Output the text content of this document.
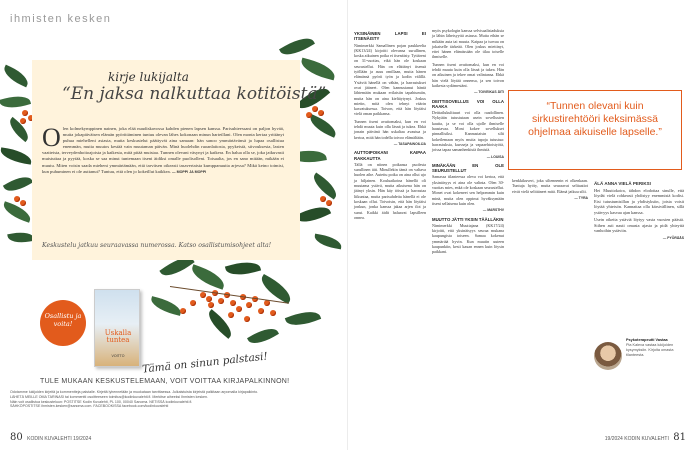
ihmisten kesken
kirje lukijalta
“En jaksa nalkuttaa kotitöistä”
O len kolmekymppinen nainen, joka elää nuudiskavossa kahden pienen lapsen kanssa. Parisuhteessani on paljon hyvää, mutta jokapäiväisen elämän pyörittäminen tuntuu olevan lähes kokonaan minun harteillani. Olen monta kertaa yrittänyt puhua miehelleni asiasta, mutta keskustelut päättyvät aina samaan: hän sanoo ymmärtävänsä ja lupaa osallistua enemmän, mutta muutos kestää vain muutaman päivän. Minä huolehdin ruoanlaitosta, pyykeistä, siivouksesta, lasten vaatteista, terveydenhoitoajoista ja kaikesta, mitä pitää muistaa. Tunnen olevani väsynyt ja katkera. En halua olla se, joka jatkuvasti muistuttaa ja pyytää, koska se saa minut tuntemaan itseni äidiksi omalle puolisolleni. Toisaalta, jos en sano mitään, mikään ei muutu. Miten voisin saada mieheni ymmärtämään, että tarvitsen oikeasti tasavertaista kumppanuutta arjessa? Mikä keino toimisi, kun puhuminen ei ole auttanut? Tuntuu, että olen jo kokeillut kaikkea. — MOPPI JA MOPPI
Keskustelu jatkuu seuraavassa numerossa. Katso osallistumisohjeet alta!
Osallistu ja voita!
Uskalla tuntea
VOITTO	Tämä on sinun palstasi!
TULE MUKAAN KESKUSTELEMAAN, VOIT VOITTAA KIRJAPALKINNON!
Odotamme lukijoiden kirjeitä ja kommentteja palstalle. Kirjeitä lyhennetään ja muokataan tarvittaessa. Julkaistuista kirjeistä palkitaan arpomalla kirjapalkinto.
LÄHETÄ MEILLE OMA TARINASI tai kommentti osoitteeseen toimitus@kodinkuvalehti.fi. Merkitse aiheeksi Ihmisten kesken.
Näin voit osallistua keskusteluun: POSTITSE Kodin Kuvalehti, PL 100, 00040 Sanoma. NETISSÄ kodinkuvalehti.fi.
SÄHKÖPOSTITSE ihmisten.kesken@sanoma.com. FACEBOOKISSA facebook.com/kodinkuvalehti
80 KODIN KUVALEHTI 19/2024	19/2024 KODIN KUVALEHTI 81
YKSINÄINEN LAPSI EI ITSENÄISTY

Nimimerkki Samallinen pojan paukkeelta (KK13/24) kirjoitti olevansa surullinen, koska aikuinen poika ei itsenäisty. Tyttäreni on 31-vuotias, eikä hän ole koskaan seurustellut. Hän on elättänyt itsensä työllään ja asuu omillaan, mutta hänen elämänsä pyörii työn ja kodin välillä. Ystäviä hänellä on vähän, ja harrastukset ovat jääneet. Olen kannustanut häntä lähtemään mukaan erilaisiin tapahtumiin, mutta hän on aina kieltäytynyt. Joskus mietin, mitä olen tehnyt väärin kasvatuksessa. Toivon, että hän löytäisi vielä oman paikkansa.

Tunnen itseni avuttomaksi, kun en voi tehdä muuta kuin olla läsnä ja tukea. Ehkä jonain päivänä hän uskaltaa avautua ja kertoa, mitä hän todella toivoo elämältään.

— TASAPAINOILIJA
AUTTOIPOIKANI KAIPAA RAKKAUTTA

Tällä on niinen poikansa puolesta surullinen äiti. Minullekin tämä on valtava huolen aihe. Autettu poika on aina ollut ujo ja hiljainen. Kouluaikoina hänellä oli muutama ystävä, mutta aikuisena hän on jäänyt yksin. Hän käy töissä ja harrastaa liikuntaa, mutta parisuhdetta hänellä ei ole koskaan ollut. Toivoisin, että hän löytäisi jonkun, jonka kanssa jakaa arjen ilot ja surut. Kaikki äidit haluavat lapsilleen onnea.

myös psykologin kanssa selvisaalisiaduksia ja lähin läheisyyttä asiassa. Mutta ethän se mikään auta tai muuta. Kaipaa ja turvaa on jokaiselle tärkeää. Olen joskus miettinyt, ettei hänen elämässään ole tilaa toiselle ihmiselle.

Tunnen itseni avuttomaksi, kun en voi tehdä muuta kuin olla läsnä ja tukea. Hän on aikuinen ja tekee omat valintansa. Ehkä hän vielä löytää onnensa, ja sen toivon kaikesta sydämestäni.

— TOIVEIKAS ÄITI
DEITTISOVELLUS VOI OLLA RAAKA

Deittailukulttuuri voi olla raadollinen. Nykyään tutustutaan usein sovellusten kautta, ja se voi olla ujolle ihmiselle haastavaa. Moni kokee sovellukset pinnallisiksi. Kannustaisin silti kokeilemaan myös muita tapoja tutustua: harrastuksia, kursseja ja vapaaehtoistyötä, joissa tapaa samanhenkisiä ihmisiä.

— LOUISA
MINÄKÄÄN EN OLE SEURUSTELLUT

Samassa tilanteessa oleva voi kertoa, että yksinäisyys ei aina ole valinta. Olen 30-vuotias mies, enkä ole koskaan seurustellut. Monet ovat kokeneet sen helpommin kuin minä, mutta olen oppinut hyväksymään itseni sellaisena kuin olen.

— MARSTHV
MUUTTO JÄTTI YKSIN TÄÄLLÄKIN

Nimimerkki Muuttajana (KK17/24) kirjoitti, että yksinäisyys seuraa mukana kaupungista toiseen. Samaa kokenut ymmärtää hyvin. Kun muutin uuteen kaupunkiin, kesti kauan ennen kuin löysin paikkani.

kenkkikuvert, joka siltennenin ei olkenkaan. Tuntuja hyöty, mutta seuraavat selitaatiot eivät vielä selittäneet mitä. Elämä jatkuu silti.

— TYRA
“Tunnen olevani kuin sirkustirehtööri keksimässä ohjelmaa aikuiselle lapselle.”
ÄLÄ ANNA VIELÄ PERIKSI

Hei Muuttokoira, tähdon elodottaa sinulle, että löydät vielä rohkeasti yhdistyy enemmistä kodisi. Etsi tutustumisillan ja yhdistyksiin, joista voisit löytää yhteisön. Kannattaa olla kärsivällinen, sillä ystävyys kasvaa ajan kanssa.

Usein oikeita ystäviä löytyy vasta vuosien päästä. Siihen asti nauti omasta ajasta ja pidä yhteyttä vanhoihin ystäviin.

— PYÖRÄÄS
Psykoterapeutti Vastaa
Pia Kaleva vastaa lukijoiden kysymyksiin. Kirjoita omasta tilanteesta.
